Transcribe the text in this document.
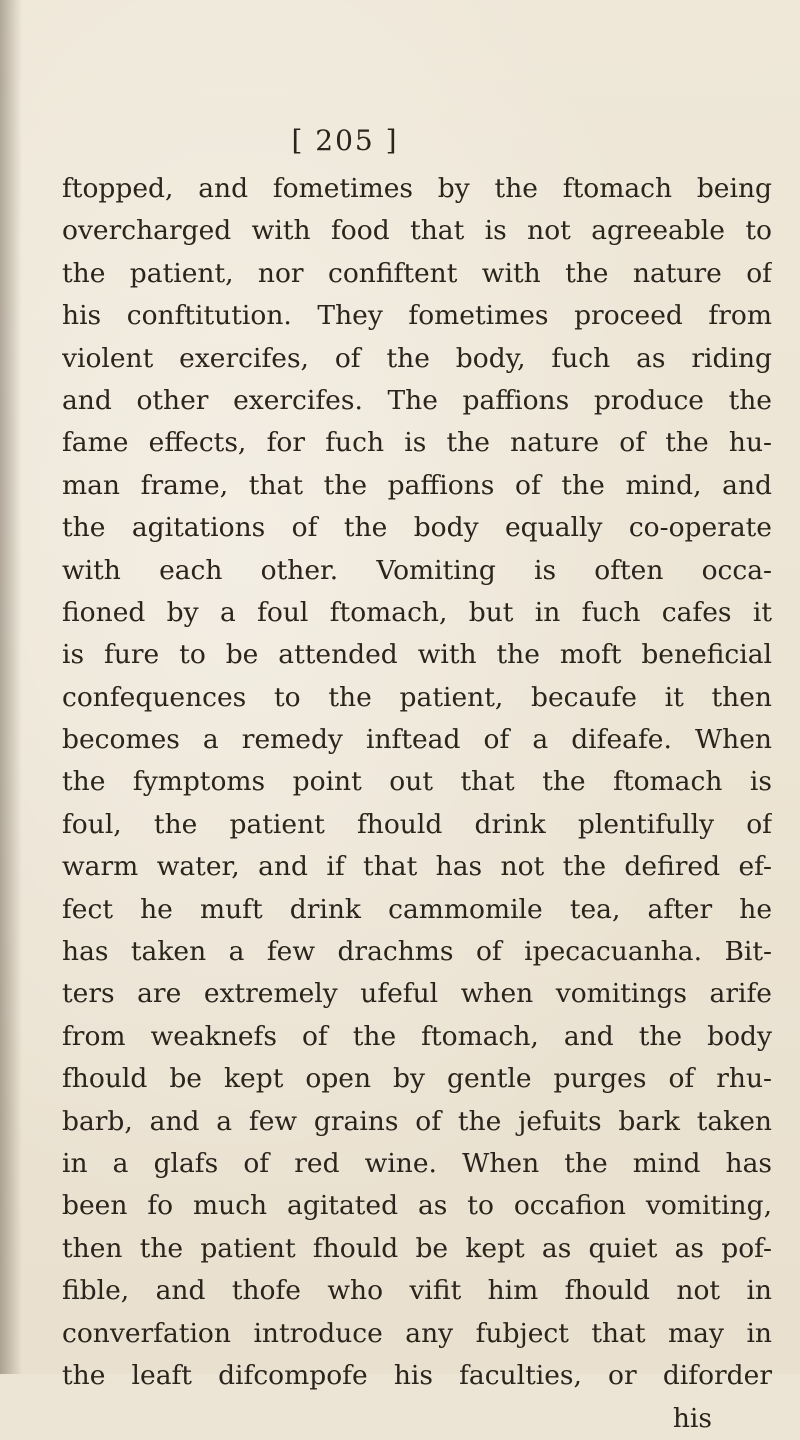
[ 205 ]
ftopped, and fometimes by the ftomach being
overcharged with food that is not agreeable to
the patient, nor confiftent with the nature of
his conftitution. They fometimes proceed from
violent exercifes, of the body, fuch as riding
and other exercifes. The paffions produce the
fame effects, for fuch is the nature of the hu-
man frame, that the paffions of the mind, and
the agitations of the body equally co-operate
with each other. Vomiting is often occa-
fioned by a foul ftomach, but in fuch cafes it
is fure to be attended with the moft beneficial
confequences to the patient, becaufe it then
becomes a remedy inftead of a difeafe. When
the fymptoms point out that the ftomach is
foul, the patient fhould drink plentifully of
warm water, and if that has not the defired ef-
fect he muft drink cammomile tea, after he
has taken a few drachms of ipecacuanha. Bit-
ters are extremely ufeful when vomitings arife
from weaknefs of the ftomach, and the body
fhould be kept open by gentle purges of rhu-
barb, and a few grains of the jefuits bark taken
in a glafs of red wine. When the mind has
been fo much agitated as to occafion vomiting,
then the patient fhould be kept as quiet as pof-
fible, and thofe who vifit him fhould not in
converfation introduce any fubject that may in
the leaft difcompofe his faculties, or diforder
his
